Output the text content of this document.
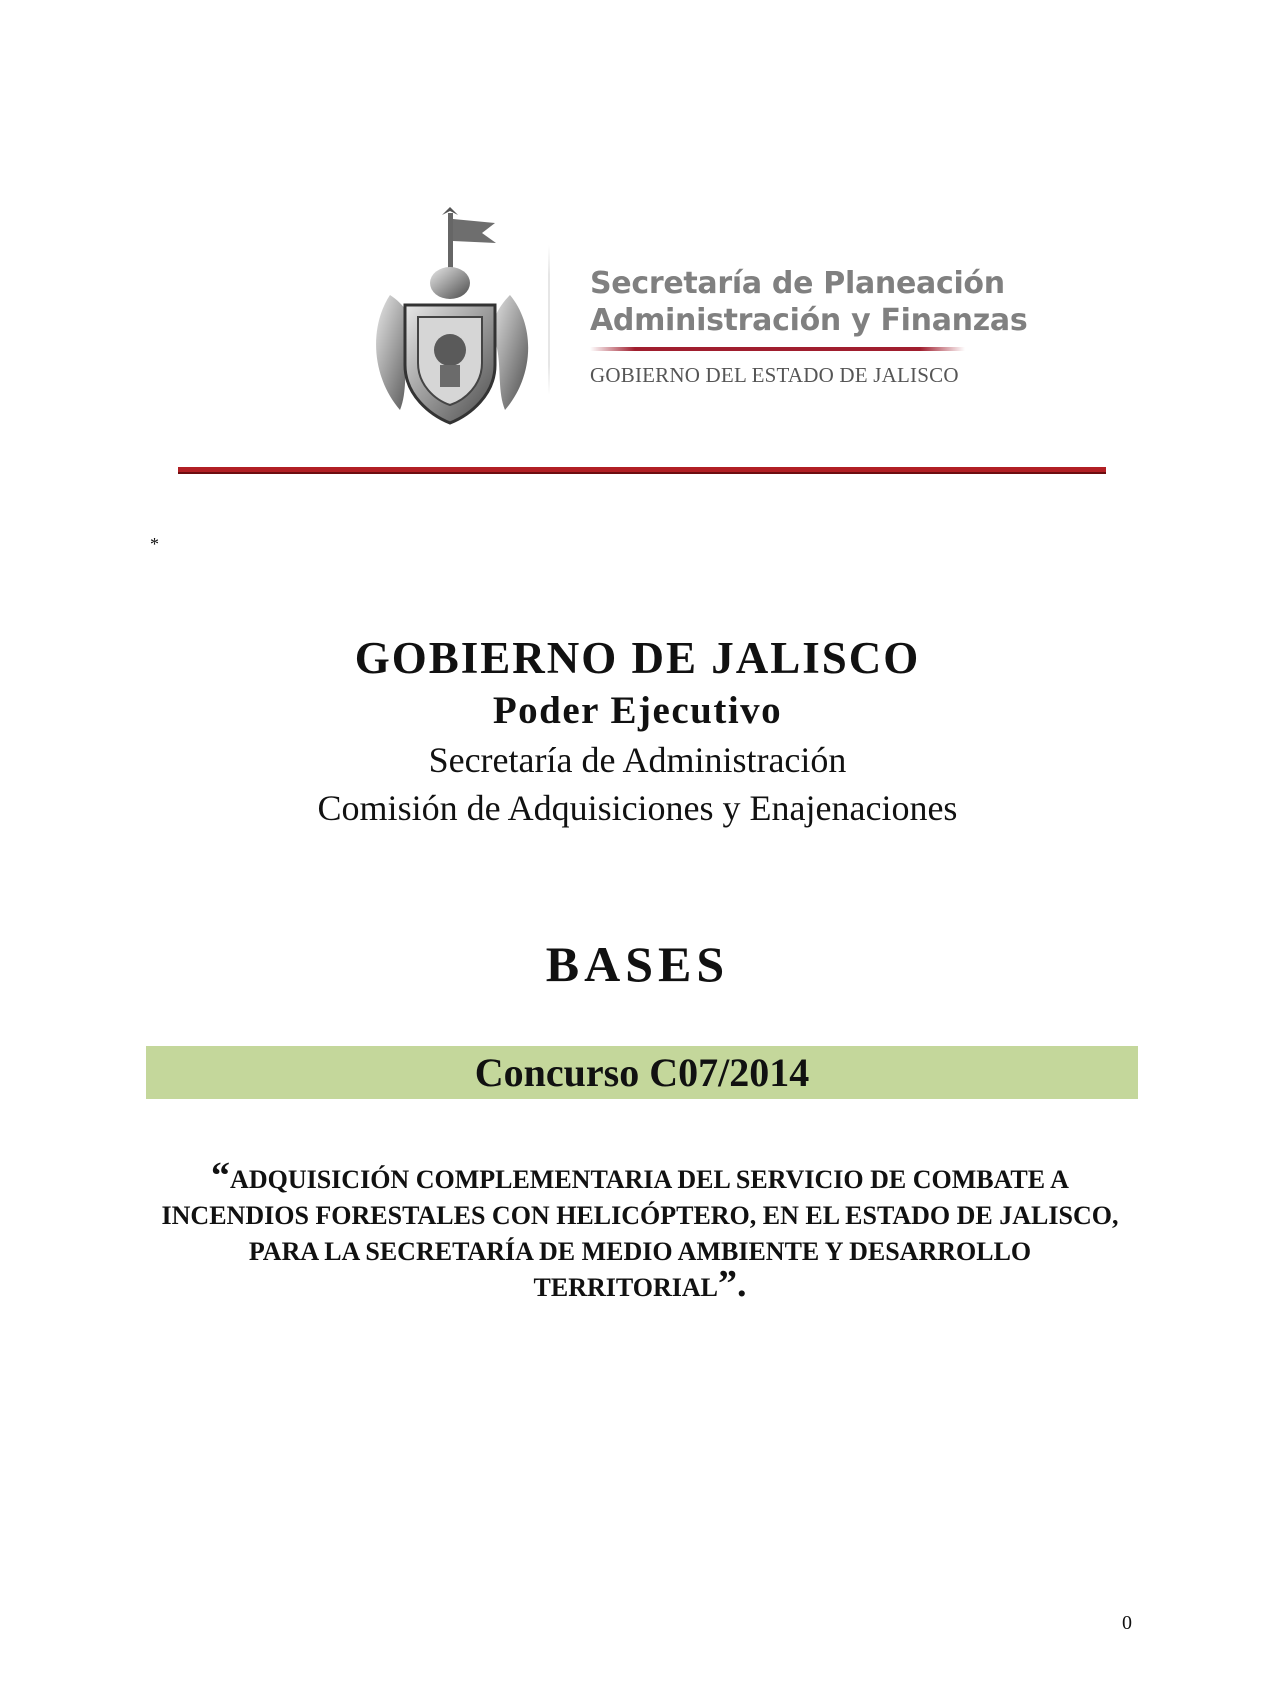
Secretaría de Planeación
Administración y Finanzas
GOBIERNO DEL ESTADO DE JALISCO
*
GOBIERNO DE JALISCO
Poder Ejecutivo
Secretaría de Administración
Comisión de Adquisiciones y Enajenaciones
BASES
Concurso C07/2014
“ADQUISICIÓN COMPLEMENTARIA DEL SERVICIO DE COMBATE A INCENDIOS FORESTALES CON HELICÓPTERO, EN EL ESTADO DE JALISCO, PARA LA SECRETARÍA DE MEDIO AMBIENTE Y DESARROLLO TERRITORIAL”.
0
